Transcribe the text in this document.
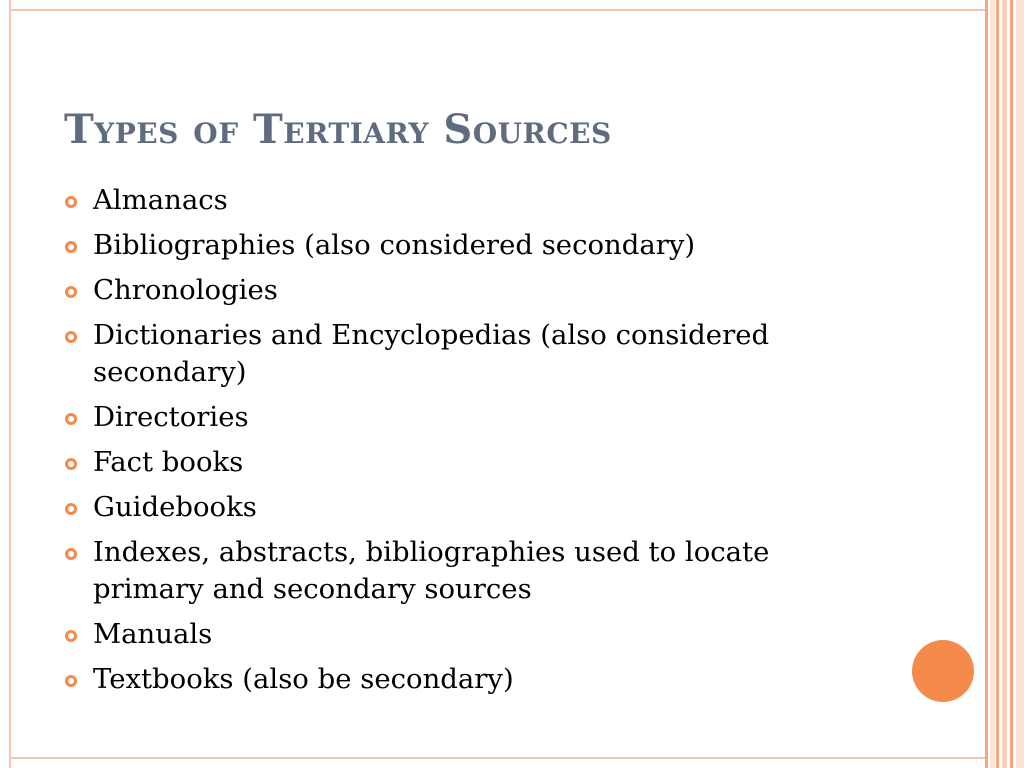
Types of Tertiary Sources
Almanacs
Bibliographies (also considered secondary)
Chronologies
Dictionaries and Encyclopedias (also considered secondary)
Directories
Fact books
Guidebooks
Indexes, abstracts, bibliographies used to locate primary and secondary sources
Manuals
Textbooks (also be secondary)
